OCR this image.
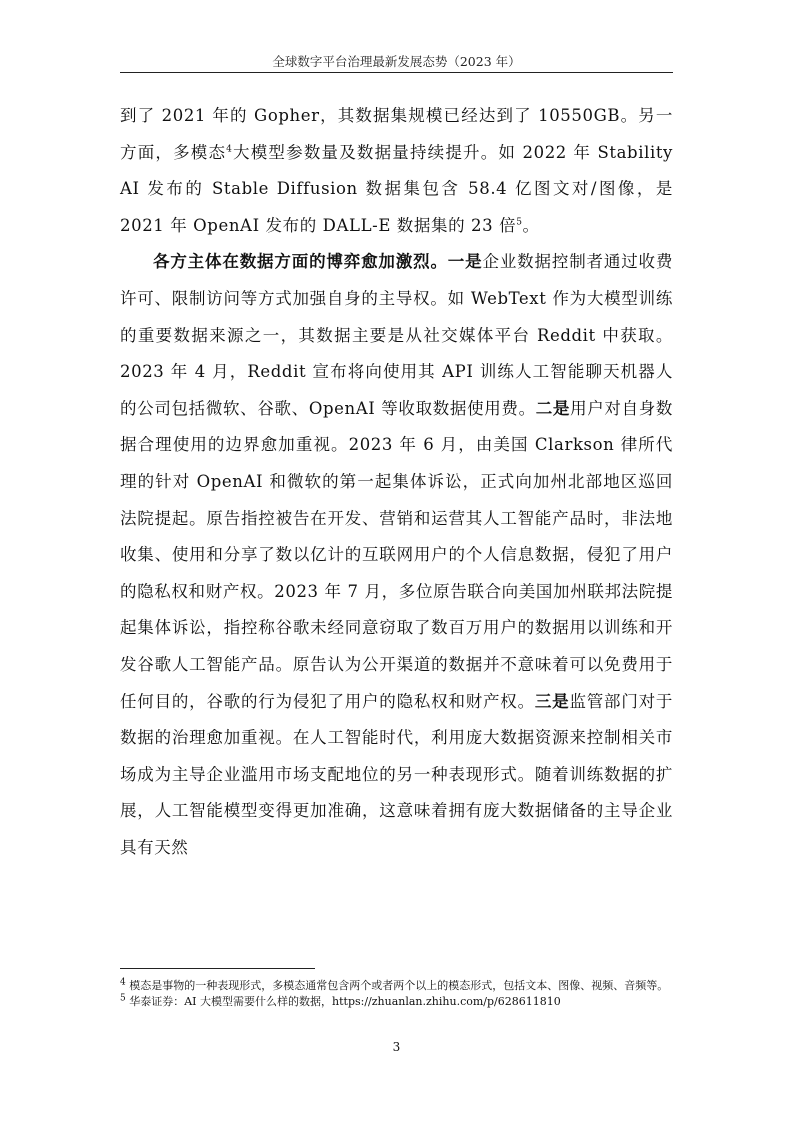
全球数字平台治理最新发展态势（2023 年）

到了 2021 年的 Gopher，其数据集规模已经达到了 10550GB。另一方面，多模态$^4$大模型参数量及数据量持续提升。如 2022 年 Stability AI 发布的 Stable Diffusion 数据集包含 58.4 亿图文对/图像，是 2021 年 OpenAI 发布的 DALL-E 数据集的 23 倍$^5$。

各方主体在数据方面的博弈愈加激烈。一是企业数据控制者通过收费许可、限制访问等方式加强自身的主导权。如 WebText 作为大模型训练的重要数据来源之一，其数据主要是从社交媒体平台 Reddit 中获取。2023 年 4 月，Reddit 宣布将向使用其 API 训练人工智能聊天机器人的公司包括微软、谷歌、OpenAI 等收取数据使用费。二是用户对自身数据合理使用的边界愈加重视。2023 年 6 月，由美国 Clarkson 律所代理的针对 OpenAI 和微软的第一起集体诉讼，正式向加州北部地区巡回法院提起。原告指控被告在开发、营销和运营其人工智能产品时，非法地收集、使用和分享了数以亿计的互联网用户的个人信息数据，侵犯了用户的隐私权和财产权。2023 年 7 月，多位原告联合向美国加州联邦法院提起集体诉讼，指控称谷歌未经同意窃取了数百万用户的数据用以训练和开发谷歌人工智能产品。原告认为公开渠道的数据并不意味着可以免费用于任何目的，谷歌的行为侵犯了用户的隐私权和财产权。三是监管部门对于数据的治理愈加重视。在人工智能时代，利用庞大数据资源来控制相关市场成为主导企业滥用市场支配地位的另一种表现形式。随着训练数据的扩展，人工智能模型变得更加准确，这意味着拥有庞大数据储备的主导企业具有天然

$^4$ 模态是事物的一种表现形式，多模态通常包含两个或者两个以上的模态形式，包括文本、图像、视频、音频等。

$^5$ 华泰证券：AI 大模型需要什么样的数据，https://zhuanlan.zhihu.com/p/628611810

3
